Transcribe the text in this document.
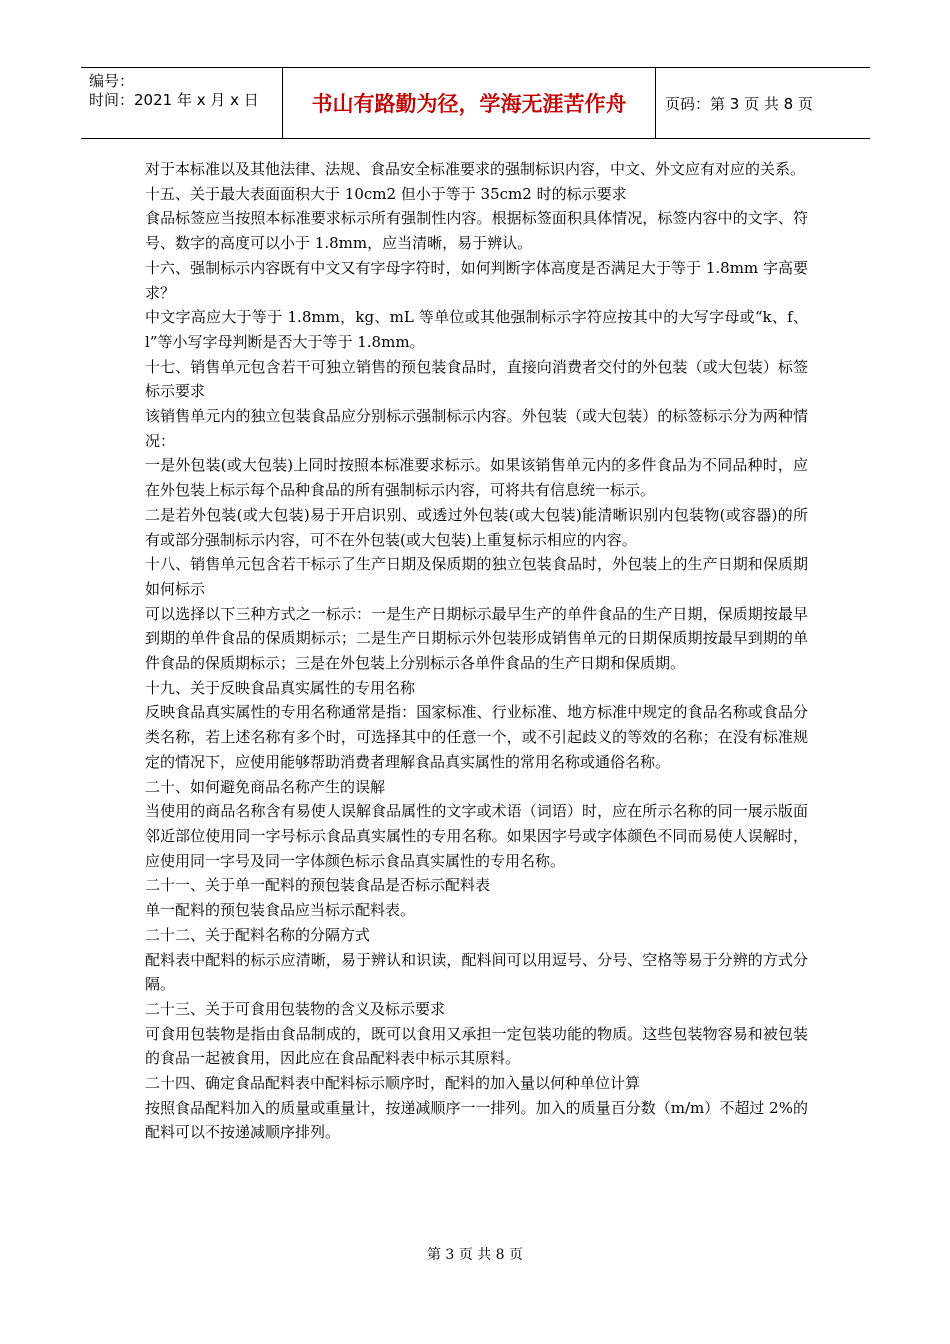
编号：
时间：2021 年 x 月 x 日	书山有路勤为径，学海无涯苦作舟	页码：第 3 页 共 8 页

对于本标准以及其他法律、法规、食品安全标准要求的强制标识内容，中文、外文应有对应的关系。

十五、关于最大表面面积大于 10cm2 但小于等于 35cm2 时的标示要求

食品标签应当按照本标准要求标示所有强制性内容。根据标签面积具体情况，标签内容中的文字、符号、数字的高度可以小于 1.8mm，应当清晰，易于辨认。

十六、强制标示内容既有中文又有字母字符时，如何判断字体高度是否满足大于等于 1.8mm 字高要求？

中文字高应大于等于 1.8mm，kg、mL 等单位或其他强制标示字符应按其中的大写字母或“k、f、l”等小写字母判断是否大于等于 1.8mm。

十七、销售单元包含若干可独立销售的预包装食品时，直接向消费者交付的外包装（或大包装）标签标示要求

该销售单元内的独立包装食品应分别标示强制标示内容。外包装（或大包装）的标签标示分为两种情况：

一是外包装(或大包装)上同时按照本标准要求标示。如果该销售单元内的多件食品为不同品种时，应在外包装上标示每个品种食品的所有强制标示内容，可将共有信息统一标示。

二是若外包装(或大包装)易于开启识别、或透过外包装(或大包装)能清晰识别内包装物(或容器)的所有或部分强制标示内容，可不在外包装(或大包装)上重复标示相应的内容。

十八、销售单元包含若干标示了生产日期及保质期的独立包装食品时，外包装上的生产日期和保质期如何标示

可以选择以下三种方式之一标示：一是生产日期标示最早生产的单件食品的生产日期，保质期按最早到期的单件食品的保质期标示；二是生产日期标示外包装形成销售单元的日期保质期按最早到期的单件食品的保质期标示；三是在外包装上分别标示各单件食品的生产日期和保质期。

十九、关于反映食品真实属性的专用名称

反映食品真实属性的专用名称通常是指：国家标准、行业标准、地方标准中规定的食品名称或食品分类名称，若上述名称有多个时，可选择其中的任意一个，或不引起歧义的等效的名称；在没有标准规定的情况下，应使用能够帮助消费者理解食品真实属性的常用名称或通俗名称。

二十、如何避免商品名称产生的误解

当使用的商品名称含有易使人误解食品属性的文字或术语（词语）时，应在所示名称的同一展示版面邻近部位使用同一字号标示食品真实属性的专用名称。如果因字号或字体颜色不同而易使人误解时，应使用同一字号及同一字体颜色标示食品真实属性的专用名称。

二十一、关于单一配料的预包装食品是否标示配料表

单一配料的预包装食品应当标示配料表。

二十二、关于配料名称的分隔方式

配料表中配料的标示应清晰，易于辨认和识读，配料间可以用逗号、分号、空格等易于分辨的方式分隔。

二十三、关于可食用包装物的含义及标示要求

可食用包装物是指由食品制成的，既可以食用又承担一定包装功能的物质。这些包装物容易和被包装的食品一起被食用，因此应在食品配料表中标示其原料。

二十四、确定食品配料表中配料标示顺序时，配料的加入量以何种单位计算

按照食品配料加入的质量或重量计，按递减顺序一一排列。加入的质量百分数（m/m）不超过 2%的配料可以不按递减顺序排列。

第 3 页 共 8 页
